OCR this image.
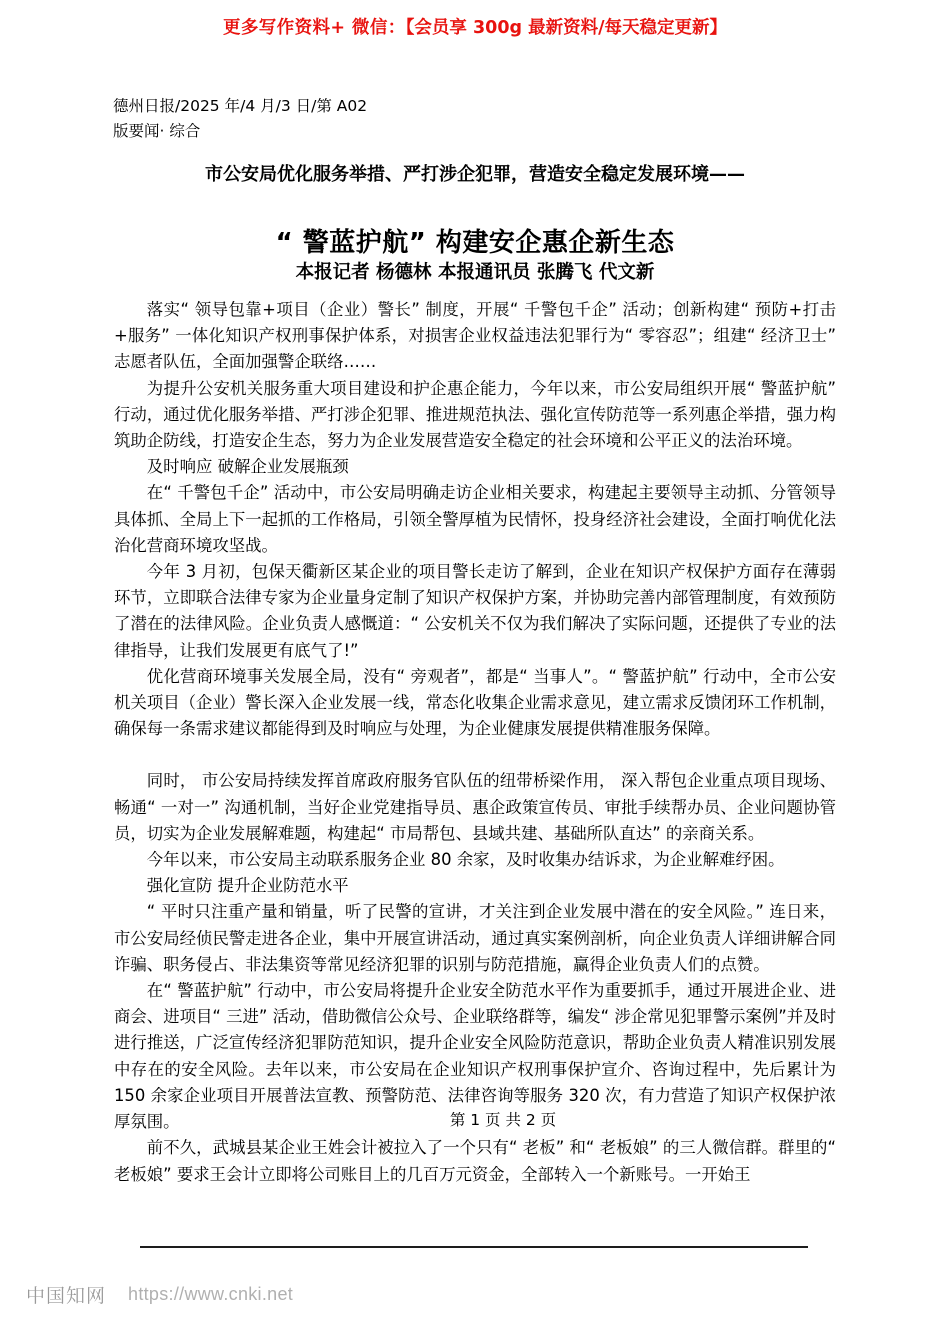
更多写作资料+ 微信：【会员享 300g 最新资料/每天稳定更新】
德州日报/2025 年/4 月/3 日/第 A02
版要闻· 综合
市公安局优化服务举措、严打涉企犯罪，营造安全稳定发展环境——
“ 警蓝护航” 构建安企惠企新生态
本报记者 杨德林 本报通讯员 张腾飞 代文新

落实“ 领导包靠+项目（企业）警长” 制度，开展“ 千警包千企” 活动；创新构建“ 预防+打击+服务” 一体化知识产权刑事保护体系，对损害企业权益违法犯罪行为“ 零容忍”；组建“ 经济卫士” 志愿者队伍，全面加强警企联络……

为提升公安机关服务重大项目建设和护企惠企能力，今年以来，市公安局组织开展“ 警蓝护航” 行动，通过优化服务举措、严打涉企犯罪、推进规范执法、强化宣传防范等一系列惠企举措，强力构筑助企防线，打造安企生态，努力为企业发展营造安全稳定的社会环境和公平正义的法治环境。

及时响应 破解企业发展瓶颈

在“ 千警包千企” 活动中，市公安局明确走访企业相关要求，构建起主要领导主动抓、分管领导具体抓、全局上下一起抓的工作格局，引领全警厚植为民情怀，投身经济社会建设，全面打响优化法治化营商环境攻坚战。

今年 3 月初，包保天衢新区某企业的项目警长走访了解到，企业在知识产权保护方面存在薄弱环节，立即联合法律专家为企业量身定制了知识产权保护方案，并协助完善内部管理制度，有效预防了潜在的法律风险。企业负责人感慨道：“ 公安机关不仅为我们解决了实际问题，还提供了专业的法律指导，让我们发展更有底气了!”

优化营商环境事关发展全局，没有“ 旁观者”，都是“ 当事人”。“ 警蓝护航” 行动中，全市公安机关项目（企业）警长深入企业发展一线，常态化收集企业需求意见，建立需求反馈闭环工作机制，确保每一条需求建议都能得到及时响应与处理，为企业健康发展提供精准服务保障。

同时， 市公安局持续发挥首席政府服务官队伍的纽带桥梁作用， 深入帮包企业重点项目现场、畅通“ 一对一” 沟通机制，当好企业党建指导员、惠企政策宣传员、审批手续帮办员、企业问题协管员，切实为企业发展解难题，构建起“ 市局帮包、县域共建、基础所队直达” 的亲商关系。

今年以来，市公安局主动联系服务企业 80 余家，及时收集办结诉求，为企业解难纾困。

强化宣防 提升企业防范水平

“ 平时只注重产量和销量，听了民警的宣讲，才关注到企业发展中潜在的安全风险。” 连日来，市公安局经侦民警走进各企业，集中开展宣讲活动，通过真实案例剖析，向企业负责人详细讲解合同诈骗、职务侵占、非法集资等常见经济犯罪的识别与防范措施，赢得企业负责人们的点赞。

在“ 警蓝护航” 行动中，市公安局将提升企业安全防范水平作为重要抓手，通过开展进企业、进商会、进项目“ 三进” 活动，借助微信公众号、企业联络群等，编发“ 涉企常见犯罪警示案例”并及时进行推送，广泛宣传经济犯罪防范知识，提升企业安全风险防范意识，帮助企业负责人精准识别发展中存在的安全风险。去年以来，市公安局在企业知识产权刑事保护宣介、咨询过程中，先后累计为 150 余家企业项目开展普法宣教、预警防范、法律咨询等服务 320 次，有力营造了知识产权保护浓厚氛围。

前不久，武城县某企业王姓会计被拉入了一个只有“ 老板” 和“ 老板娘” 的三人微信群。群里的“ 老板娘” 要求王会计立即将公司账目上的几百万元资金，全部转入一个新账号。一开始王

第 1 页 共 2 页
中国知网 https://www.cnki.net
